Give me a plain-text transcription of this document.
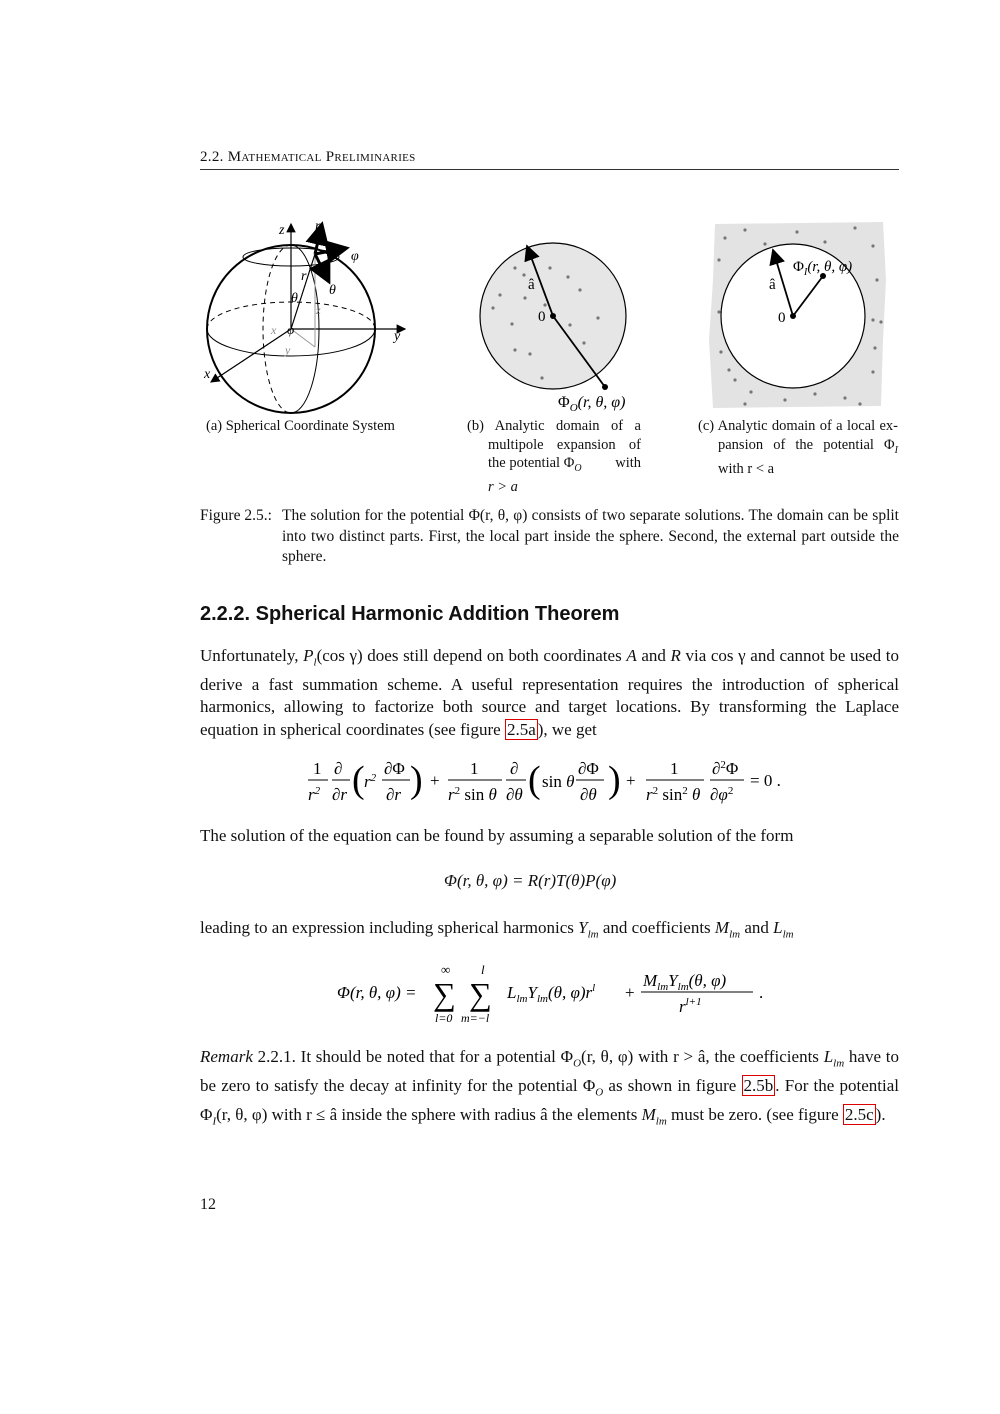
2.2. Mathematical Preliminaries
z r
φ
θ
r
θ
φ	y
x
x
y
z
(a) Spherical Coordinate System
â
0
$\Phi_O(r$, θ, φ)
(b) Analytic domain of a
multipole expansion of
the potential $\Phi_O$ with
r > a
â
0
$\Phi_I(r$, θ, φ)
(c) Analytic domain of a local ex-
pansion of the potential $\Phi_I$
with r < a
Figure 2.5.: The solution for the potential Φ(r, θ, φ) consists of two separate solutions. The domain can be split into two distinct parts. First, the local part inside the sphere. Second, the external part outside the sphere.
2.2.2. Spherical Harmonic Addition Theorem

Unfortunately, $P_l(\cos$ γ) does still depend on both coordinates A and R via cos γ and cannot be used to derive a fast summation scheme. A useful representation requires the introduction of spherical harmonics, allowing to factorize both source and target locations. By transforming the Laplace equation in spherical coordinates (see figure 2.5a ), we get

1
$r^2$
∂
∂r ( $r^2$ ∂Φ
∂r ) +
1
$r^2$ sin θ
∂
∂θ ( sin θ
∂Φ
∂θ ) +
1
$r^2$ $\sin^2 \theta$
∂$^2$Φ
$\partial\varphi^2$
= 0 .

The solution of the equation can be found by assuming a separable solution of the form

Φ(r, θ, φ) = R(r)T(θ)P(φ)

leading to an expression including spherical harmonics $Y_{lm}$ and coefficients $M_{lm}$ and $L_{lm}$

Φ(r, θ, φ) =
∞
∑
l=0
l
∑
m=−l
$L_{lm}Y_{lm}(\theta$, $\varphi)r^l$ +
$M_{lm}Y_{lm}(\theta$, φ)
$r^{l+1}$	.

Remark 2.2.1. It should be noted that for a potential $\Phi_O(r$, θ, φ) with r > â, the coefficients $L_{lm}$ have to be zero to satisfy the decay at infinity for the potential $\Phi_O$ as shown in figure 2.5b . For the potential $\Phi_I(r$, θ, φ) with r ≤ â inside the sphere with radius â the elements $M_{lm}$ must be zero. (see figure 2.5c ).

12
